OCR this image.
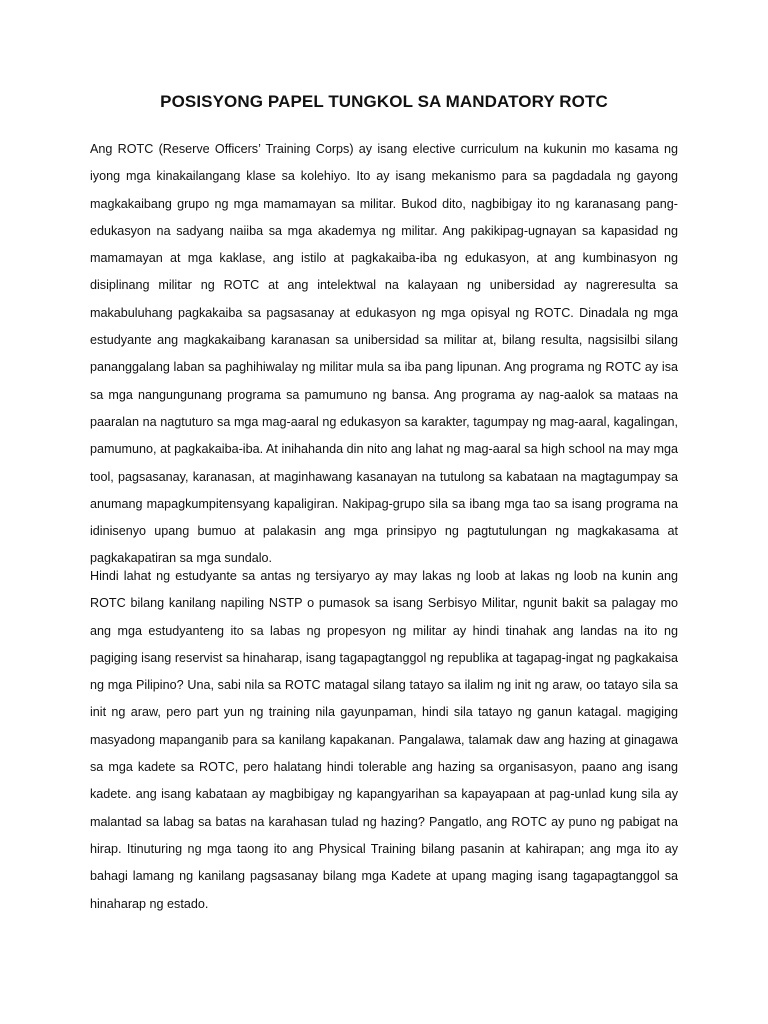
POSISYONG PAPEL TUNGKOL SA MANDATORY ROTC

Ang ROTC (Reserve Officers’ Training Corps) ay isang elective curriculum na kukunin mo kasama ng iyong mga kinakailangang klase sa kolehiyo. Ito ay isang mekanismo para sa pagdadala ng gayong magkakaibang grupo ng mga mamamayan sa militar. Bukod dito, nagbibigay ito ng karanasang pang-edukasyon na sadyang naiiba sa mga akademya ng militar. Ang pakikipag-ugnayan sa kapasidad ng mamamayan at mga kaklase, ang istilo at pagkakaiba-iba ng edukasyon, at ang kumbinasyon ng disiplinang militar ng ROTC at ang intelektwal na kalayaan ng unibersidad ay nagreresulta sa makabuluhang pagkakaiba sa pagsasanay at edukasyon ng mga opisyal ng ROTC. Dinadala ng mga estudyante ang magkakaibang karanasan sa unibersidad sa militar at, bilang resulta, nagsisilbi silang pananggalang laban sa paghihiwalay ng militar mula sa iba pang lipunan. Ang programa ng ROTC ay isa sa mga nangungunang programa sa pamumuno ng bansa. Ang programa ay nag-aalok sa mataas na paaralan na nagtuturo sa mga mag-aaral ng edukasyon sa karakter, tagumpay ng mag-aaral, kagalingan, pamumuno, at pagkakaiba-iba. At inihahanda din nito ang lahat ng mag-aaral sa high school na may mga tool, pagsasanay, karanasan, at maginhawang kasanayan na tutulong sa kabataan na magtagumpay sa anumang mapagkumpitensyang kapaligiran. Nakipag-grupo sila sa ibang mga tao sa isang programa na idinisenyo upang bumuo at palakasin ang mga prinsipyo ng pagtutulungan ng magkakasama at pagkakapatiran sa mga sundalo.

Hindi lahat ng estudyante sa antas ng tersiyaryo ay may lakas ng loob at lakas ng loob na kunin ang ROTC bilang kanilang napiling NSTP o pumasok sa isang Serbisyo Militar, ngunit bakit sa palagay mo ang mga estudyanteng ito sa labas ng propesyon ng militar ay hindi tinahak ang landas na ito ng pagiging isang reservist sa hinaharap, isang tagapagtanggol ng republika at tagapag-ingat ng pagkakaisa ng mga Pilipino? Una, sabi nila sa ROTC matagal silang tatayo sa ilalim ng init ng araw, oo tatayo sila sa init ng araw, pero part yun ng training nila gayunpaman, hindi sila tatayo ng ganun katagal. magiging masyadong mapanganib para sa kanilang kapakanan. Pangalawa, talamak daw ang hazing at ginagawa sa mga kadete sa ROTC, pero halatang hindi tolerable ang hazing sa organisasyon, paano ang isang kadete. ang isang kabataan ay magbibigay ng kapangyarihan sa kapayapaan at pag-unlad kung sila ay malantad sa labag sa batas na karahasan tulad ng hazing? Pangatlo, ang ROTC ay puno ng pabigat na hirap. Itinuturing ng mga taong ito ang Physical Training bilang pasanin at kahirapan; ang mga ito ay bahagi lamang ng kanilang pagsasanay bilang mga Kadete at upang maging isang tagapagtanggol sa hinaharap ng estado.
